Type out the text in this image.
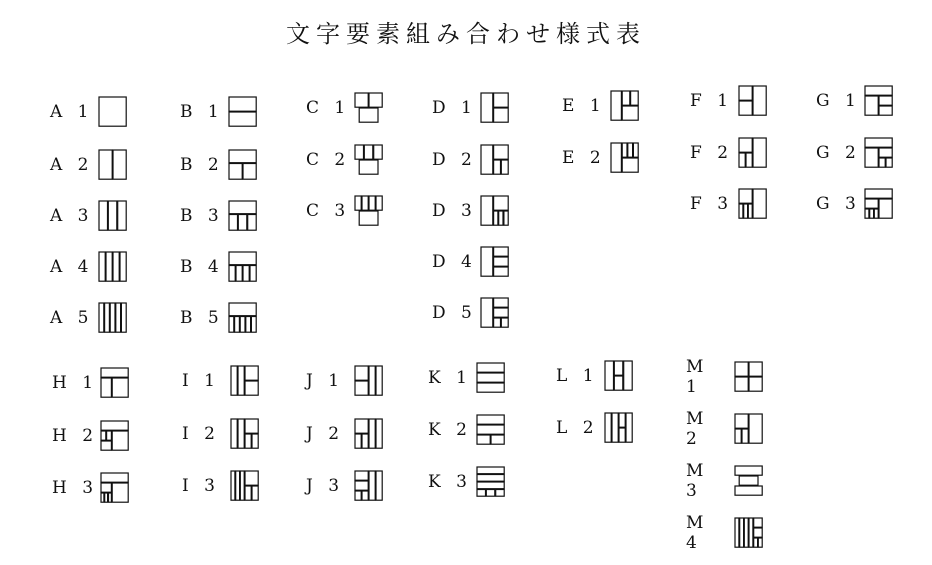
文字要素組み合わせ様式表
A 1
A 2
A 3
A 4
A 5
B 1
B 2
B 3
B 4
B 5
C 1
C 2
C 3
D 1
D 2
D 3
D 4
D 5
E 1
E 2
F 1
F 2
F 3
G 1
G 2
G 3
H 1
H 2
H 3
I 1
I 2
I 3
J 1
J 2
J 3
K 1
K 2
K 3
L 1
L 2
M 1
M 2
M 3
M 4
